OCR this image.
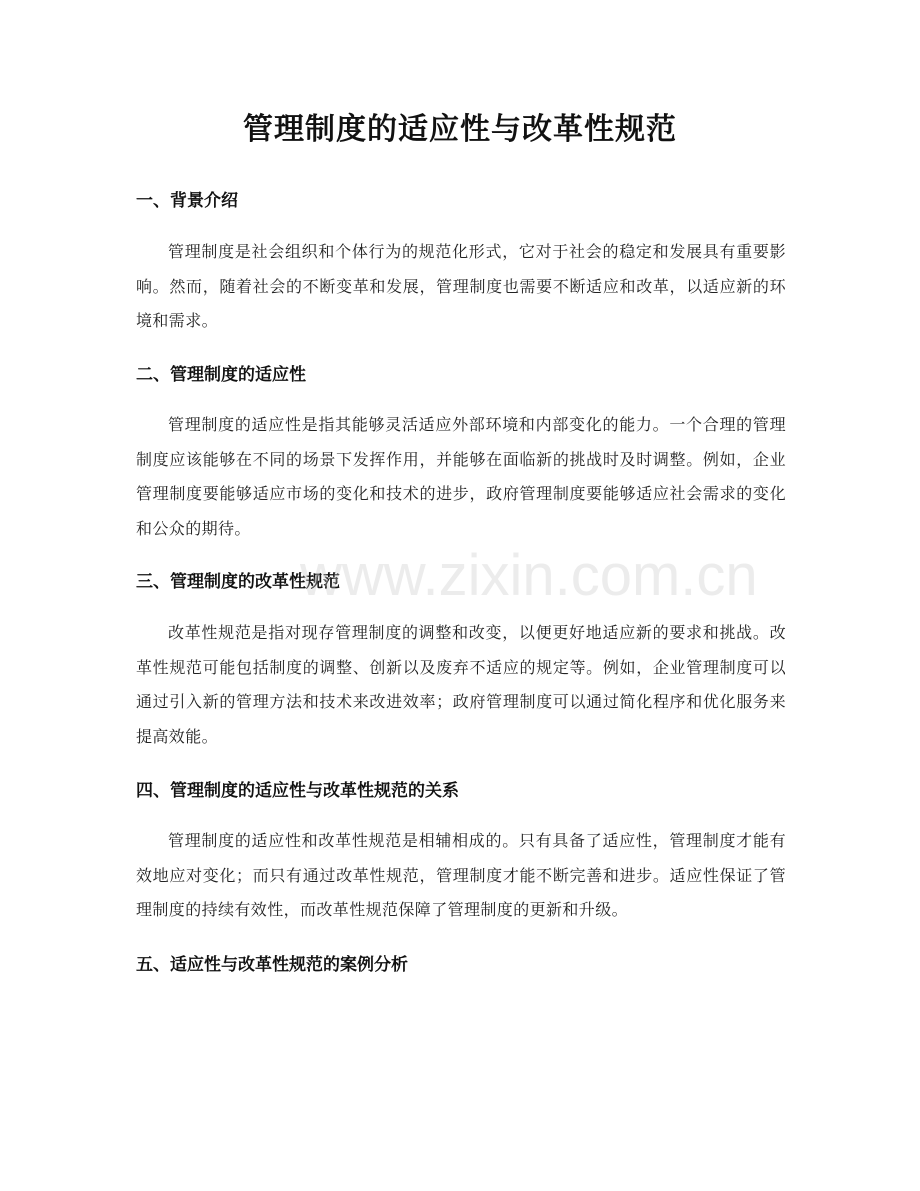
管理制度的适应性与改革性规范
一、背景介绍

管理制度是社会组织和个体行为的规范化形式，它对于社会的稳定和发展具有重要影响。然而，随着社会的不断变革和发展，管理制度也需要不断适应和改革，以适应新的环境和需求。

二、管理制度的适应性

管理制度的适应性是指其能够灵活适应外部环境和内部变化的能力。一个合理的管理制度应该能够在不同的场景下发挥作用，并能够在面临新的挑战时及时调整。例如，企业管理制度要能够适应市场的变化和技术的进步，政府管理制度要能够适应社会需求的变化和公众的期待。

三、管理制度的改革性规范

改革性规范是指对现存管理制度的调整和改变，以便更好地适应新的要求和挑战。改革性规范可能包括制度的调整、创新以及废弃不适应的规定等。例如，企业管理制度可以通过引入新的管理方法和技术来改进效率；政府管理制度可以通过简化程序和优化服务来提高效能。

四、管理制度的适应性与改革性规范的关系

管理制度的适应性和改革性规范是相辅相成的。只有具备了适应性，管理制度才能有效地应对变化；而只有通过改革性规范，管理制度才能不断完善和进步。适应性保证了管理制度的持续有效性，而改革性规范保障了管理制度的更新和升级。

五、适应性与改革性规范的案例分析
www.zixin.com.cn
